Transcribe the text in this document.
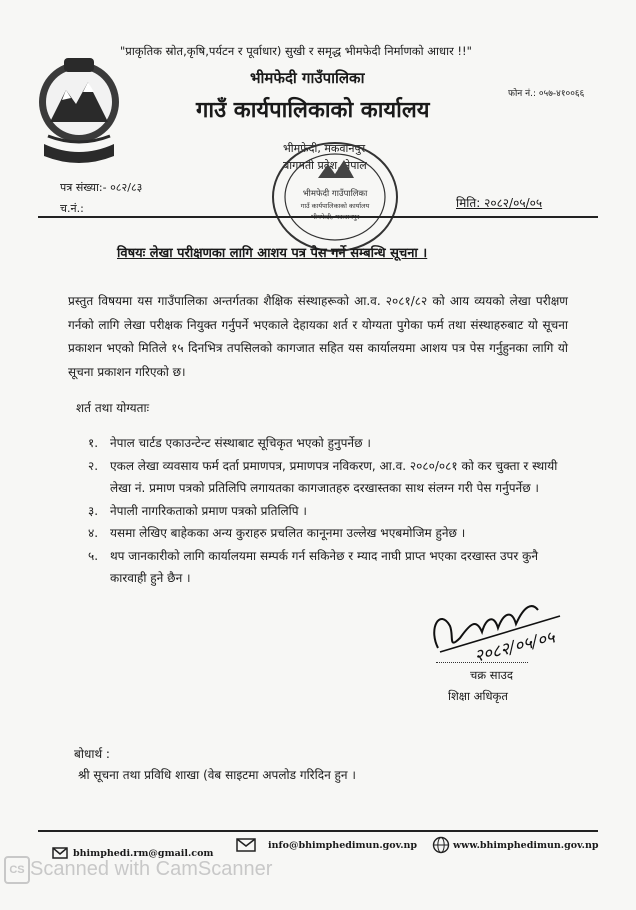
"प्राकृतिक स्रोत,कृषि,पर्यटन र पूर्वाधार) सुखी र समृद्ध भीमफेदी निर्माणको आधार !!"
भीमफेदी गाउँपालिका
गाउँ कार्यपालिकाको कार्यालय
फोन नं.: ०५७-४१००६६
भीमफेदी, मकवानपुर
बागमती प्रदेश, नेपाल
भीमफेदी गाउँपालिका
गाउँ कार्यपालिकाको कार्यालय
पत्र संख्या:- ०८२/८३
च.नं.:	मिति: २०८२/०५/०५
विषयः लेखा परीक्षणका लागि आशय पत्र पेस गर्ने सम्बन्धि सूचना ।
प्रस्तुत विषयमा यस गाउँपालिका अन्तर्गतका शैक्षिक संस्थाहरूको आ.व. २०८१/८२ को आय व्ययको लेखा परीक्षण गर्नको लागि लेखा परीक्षक नियुक्त गर्नुपर्ने भएकाले देहायका शर्त र योग्यता पुगेका फर्म तथा संस्थाहरुबाट यो सूचना प्रकाशन भएको मितिले १५ दिनभित्र तपसिलको कागजात सहित यस कार्यालयमा आशय पत्र पेस गर्नुहुनका लागि यो सूचना प्रकाशन गरिएको छ।
शर्त तथा योग्यताः
१. नेपाल चार्टड एकाउन्टेन्ट संस्थाबाट सूचिकृत भएको हुनुपर्नेछ ।
२. एकल लेखा व्यवसाय फर्म दर्ता प्रमाणपत्र, प्रमाणपत्र नविकरण, आ.व. २०८०/०८१ को कर चुक्ता र स्थायी लेखा नं. प्रमाण पत्रको प्रतिलिपि लगायतका कागजातहरु दरखास्तका साथ संलग्न गरी पेस गर्नुपर्नेछ ।
३. नेपाली नागरिकताको प्रमाण पत्रको प्रतिलिपि ।
४. यसमा लेखिए बाहेकका अन्य कुराहरु प्रचलित कानूनमा उल्लेख भएबमोजिम हुनेछ ।
५. थप जानकारीको लागि कार्यालयमा सम्पर्क गर्न सकिनेछ र म्याद नाघी प्राप्त भएका दरखास्त उपर कुनै कारवाही हुने छैन ।
२०८२/०५/०५
चक्र साउद
शिक्षा अधिकृत
बोधार्थ :
श्री सूचना तथा प्रविधि शाखा (वेब साइटमा अपलोड गरिदिन हुन ।
bhimphedi.rm@gmail.com
info@bhimphedimun.gov.np	www.bhimphedimun.gov.np
CS Scanned with CamScanner
